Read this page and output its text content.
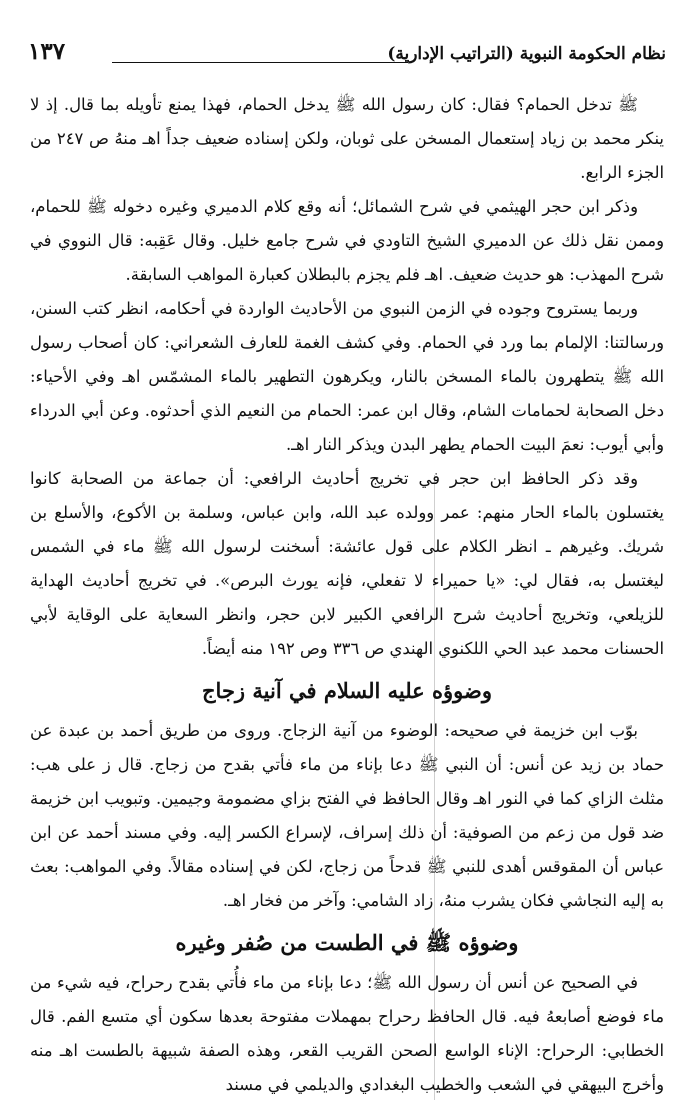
نظام الحكومة النبوية (التراتيب الإدارية)
١٣٧

ﷺ تدخل الحمام؟ فقال: كان رسول الله ﷺ يدخل الحمام، فهذا يمنع تأويله بما قال. إذ لا ينكر محمد بن زياد إستعمال المسخن على ثوبان، ولكن إسناده ضعيف جداً اهـ منهُ ص ٢٤٧ من الجزء الرابع.

وذكر ابن حجر الهيثمي في شرح الشمائل؛ أنه وقع كلام الدميري وغيره دخوله ﷺ للحمام، وممن نقل ذلك عن الدميري الشيخ التاودي في شرح جامع خليل. وقال عَقِبه: قال النووي في شرح المهذب: هو حديث ضعيف. اهـ فلم يجزم بالبطلان كعبارة المواهب السابقة.

وربما يستروح وجوده في الزمن النبوي من الأحاديث الواردة في أحكامه، انظر كتب السنن، ورسالتنا: الإلمام بما ورد في الحمام. وفي كشف الغمة للعارف الشعراني: كان أصحاب رسول الله ﷺ يتطهرون بالماء المسخن بالنار، ويكرهون التطهير بالماء المشمّس اهـ وفي الأحياء: دخل الصحابة لحمامات الشام، وقال ابن عمر: الحمام من النعيم الذي أحدثوه. وعن أبي الدرداء وأبي أيوب: نعمَ البيت الحمام يطهر البدن ويذكر النار اهـ.

وقد ذكر الحافظ ابن حجر في تخريج أحاديث الرافعي: أن جماعة من الصحابة كانوا يغتسلون بالماء الحار منهم: عمر وولده عبد الله، وابن عباس، وسلمة بن الأكوع، والأسلع بن شريك. وغيرهم ـ انظر الكلام على قول عائشة: أسخنت لرسول الله ﷺ ماء في الشمس ليغتسل به، فقال لي: «يا حميراء لا تفعلي، فإنه يورث البرص». في تخريج أحاديث الهداية للزيلعي، وتخريج أحاديث شرح الرافعي الكبير لابن حجر، وانظر السعاية على الوقاية لأبي الحسنات محمد عبد الحي اللكنوي الهندي ص ٣٣٦ وص ١٩٢ منه أيضاً.

وضوؤه عليه السلام في آنية زجاج

بوّب ابن خزيمة في صحيحه: الوضوء من آنية الزجاج. وروى من طريق أحمد بن عبدة عن حماد بن زيد عن أنس: أن النبي ﷺ دعا بإناء من ماء فأتي بقدح من زجاج. قال ز على هب: مثلث الزاي كما في النور اهـ وقال الحافظ في الفتح بزاي مضمومة وجيمين. وتبويب ابن خزيمة ضد قول من زعم من الصوفية: أن ذلك إسراف، لإسراع الكسر إليه. وفي مسند أحمد عن ابن عباس أن المقوقس أهدى للنبي ﷺ قدحاً من زجاج، لكن في إسناده مقالاً. وفي المواهب: بعث به إليه النجاشي فكان يشرب منهُ، زاد الشامي: وآخر من فخار اهـ.

وضوؤه ﷺ في الطست من صُفر وغيره

في الصحيح عن أنس أن رسول الله ﷺ؛ دعا بإناء من ماء فأُتي بقدح رحراح، فيه شيء من ماء فوضع أصابعهُ فيه. قال الحافظ رحراح بمهملات مفتوحة بعدها سكون أي متسع الفم. قال الخطابي: الرحراح: الإناء الواسع الصحن القريب القعر، وهذه الصفة شبيهة بالطست اهـ منه وأخرج البيهقي في الشعب والخطيب البغدادي والديلمي في مسند
